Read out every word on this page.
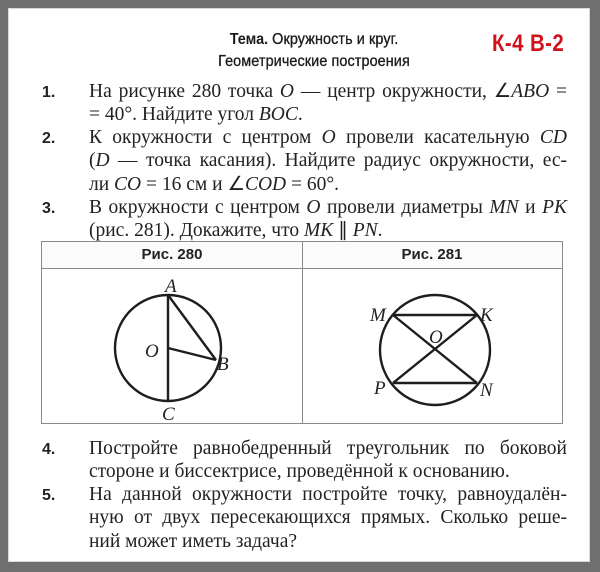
Тема. Окружность и круг.
Геометрические построения
К-4 В-2
1. На рисунке 280 точка O — центр окружности, ∠ABO =
= 40°. Найдите угол BOC.
2. К окружности с центром O провели касательную CD
(D — точка касания). Найдите радиус окружности, ес-
ли CO = 16 см и ∠COD = 60°.
3. В окружности с центром O провели диаметры MN и PK
(рис. 281). Докажите, что MK ∥ PN.
Рис. 280	Рис. 281
A
O
B
C
M	K
O
P	N
4. Постройте равнобедренный треугольник по боковой
стороне и биссектрисе, проведённой к основанию.
5. На данной окружности постройте точку, равноудалён-
ную от двух пересекающихся прямых. Сколько реше-
ний может иметь задача?
